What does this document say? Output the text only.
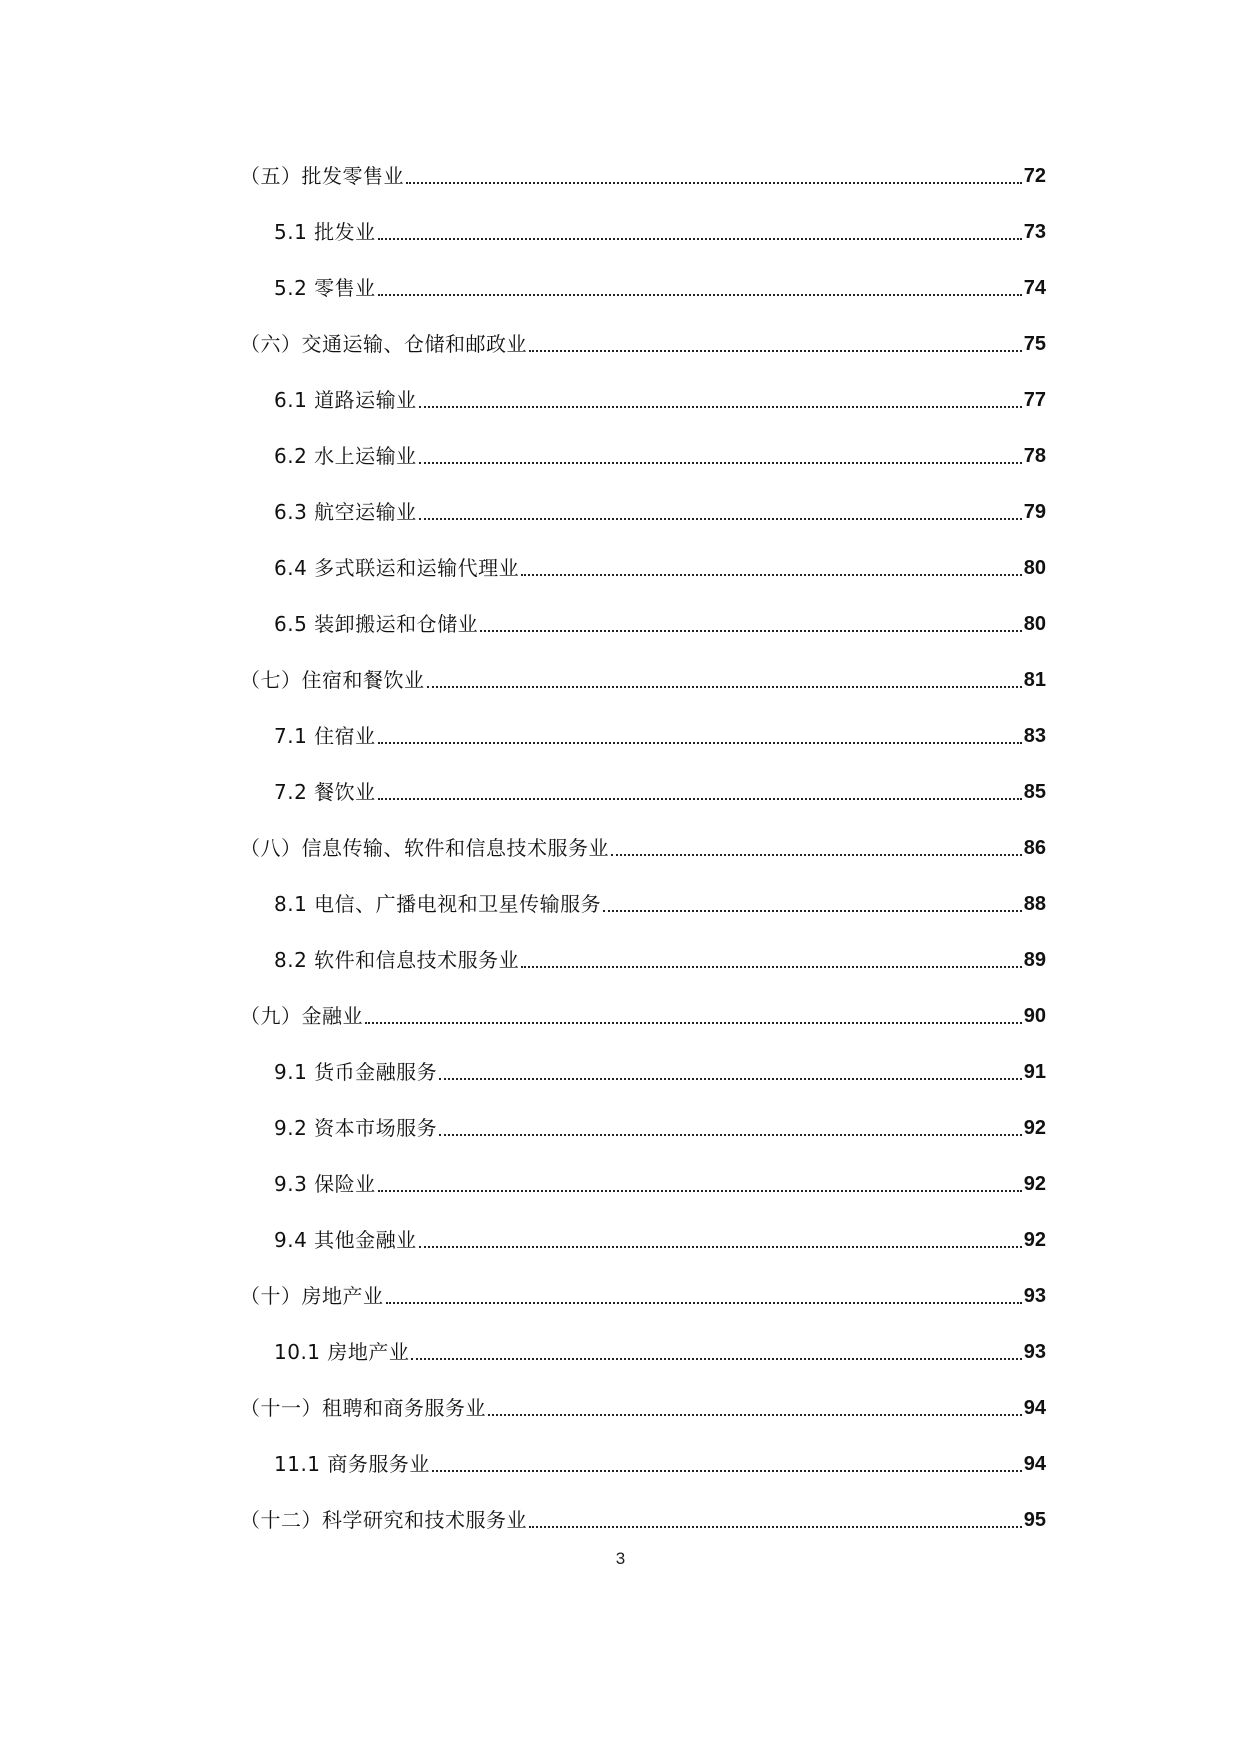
（五）批发零售业	72
5.1 批发业	73
5.2 零售业	74
（六）交通运输、仓储和邮政业	75
6.1 道路运输业	77
6.2 水上运输业	78
6.3 航空运输业	79
6.4 多式联运和运输代理业	80
6.5 装卸搬运和仓储业	80
（七）住宿和餐饮业	81
7.1 住宿业	83
7.2 餐饮业	85
（八）信息传输、软件和信息技术服务业	86
8.1 电信、广播电视和卫星传输服务	88
8.2 软件和信息技术服务业	89
（九）金融业	90
9.1 货币金融服务	91
9.2 资本市场服务	92
9.3 保险业	92
9.4 其他金融业	92
（十）房地产业	93
10.1 房地产业	93
（十一）租聘和商务服务业	94
11.1 商务服务业	94
（十二）科学研究和技术服务业	95
3
